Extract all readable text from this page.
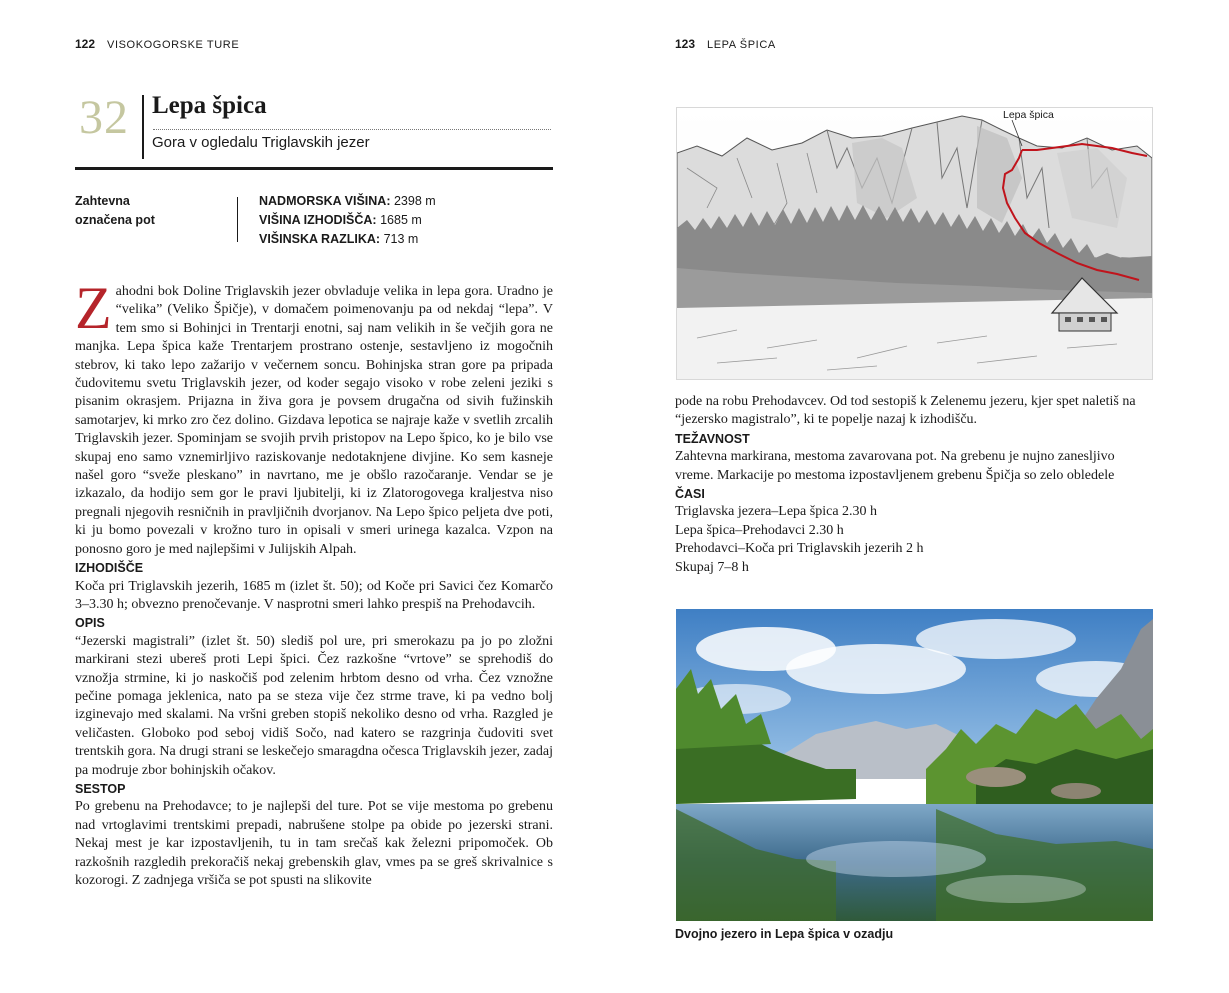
122 VISOKOGORSKE TURE
32 Lepa špica
Gora v ogledalu Triglavskih jezer
Zahtevna
označena pot
NADMORSKA VIŠINA: 2398 m
VIŠINA IZHODIŠČA: 1685 m
VIŠINSKA RAZLIKA: 713 m

Zahodni bok Doline Triglavskih jezer obvladuje velika in lepa gora. Uradno je “velika” (Veliko Špičje), v domačem poimenovanju pa od nekdaj “lepa”. V tem smo si Bohinjci in Trentarji enotni, saj nam velikih in še večjih gora ne manjka. Lepa špica kaže Trentarjem prostrano ostenje, sestavljeno iz mogočnih stebrov, ki tako lepo zažarijo v večernem soncu. Bohinjska stran gore pa pripada čudovitemu svetu Triglavskih jezer, od koder segajo visoko v robe zeleni jeziki s pisanim okrasjem. Prijazna in živa gora je povsem drugačna od sivih fužinskih samotarjev, ki mrko zro čez dolino. Gizdava lepotica se najraje kaže v svetlih zrcalih Triglavskih jezer. Spominjam se svojih prvih pristopov na Lepo špico, ko je bilo vse skupaj eno samo vznemirljivo raziskovanje nedotaknjene divjine. Ko sem kasneje našel goro “sveže pleskano” in navrtano, me je obšlo razočaranje. Vendar se je izkazalo, da hodijo sem gor le pravi ljubitelji, ki iz Zlatorogovega kraljestva niso pregnali njegovih resničnih in pravljičnih dvorjanov. Na Lepo špico peljeta dve poti, ki ju bomo povezali v krožno turo in opisali v smeri urinega kazalca. Vzpon na ponosno goro je med najlepšimi v Julijskih Alpah.

IZHODIŠČE

Koča pri Triglavskih jezerih, 1685 m (izlet št. 50); od Koče pri Savici čez Komarčo 3–3.30 h; obvezno prenočevanje. V nasprotni smeri lahko prespiš na Prehodavcih.

OPIS

“Jezerski magistrali” (izlet št. 50) slediš pol ure, pri smerokazu pa jo po zložni markirani stezi ubereš proti Lepi špici. Čez razkošne “vrtove” se sprehodiš do vznožja strmine, ki jo naskočiš pod zelenim hrbtom desno od vrha. Čez vznožne pečine pomaga jeklenica, nato pa se steza vije čez strme trave, ki pa vedno bolj izginevajo med skalami. Na vršni greben stopiš nekoliko desno od vrha. Razgled je veličasten. Globoko pod seboj vidiš Sočo, nad katero se razgrinja čudoviti svet trentskih gora. Na drugi strani se leskečejo smaragdna očesca Triglavskih jezer, zadaj pa modruje zbor bohinjskih očakov.

SESTOP

Po grebenu na Prehodavce; to je najlepši del ture. Pot se vije mestoma po grebenu nad vrtoglavimi trentskimi prepadi, nabrušene stolpe pa obide po jezerski strani. Nekaj mest je kar izpostavljenih, tu in tam srečaš kak železni pripomoček. Ob razkošnih razgledih prekoračiš nekaj grebenskih glav, vmes pa se greš skrivalnice s kozorogi. Z zadnjega vršiča se pot spusti na slikovite

123 LEPA ŠPICA
Lepa špica

pode na robu Prehodavcev. Od tod sestopiš k Zelenemu jezeru, kjer spet naletiš na “jezersko magistralo”, ki te popelje nazaj k izhodišču.

TEŽAVNOST

Zahtevna markirana, mestoma zavarovana pot. Na grebenu je nujno zanesljivo vreme. Markacije po mestoma izpostavljenem grebenu Špičja so zelo obledele

ČASI
Triglavska jezera–Lepa špica 2.30 h
Lepa špica–Prehodavci 2.30 h
Prehodavci–Koča pri Triglavskih jezerih 2 h
Skupaj 7–8 h
Dvojno jezero in Lepa špica v ozadju
